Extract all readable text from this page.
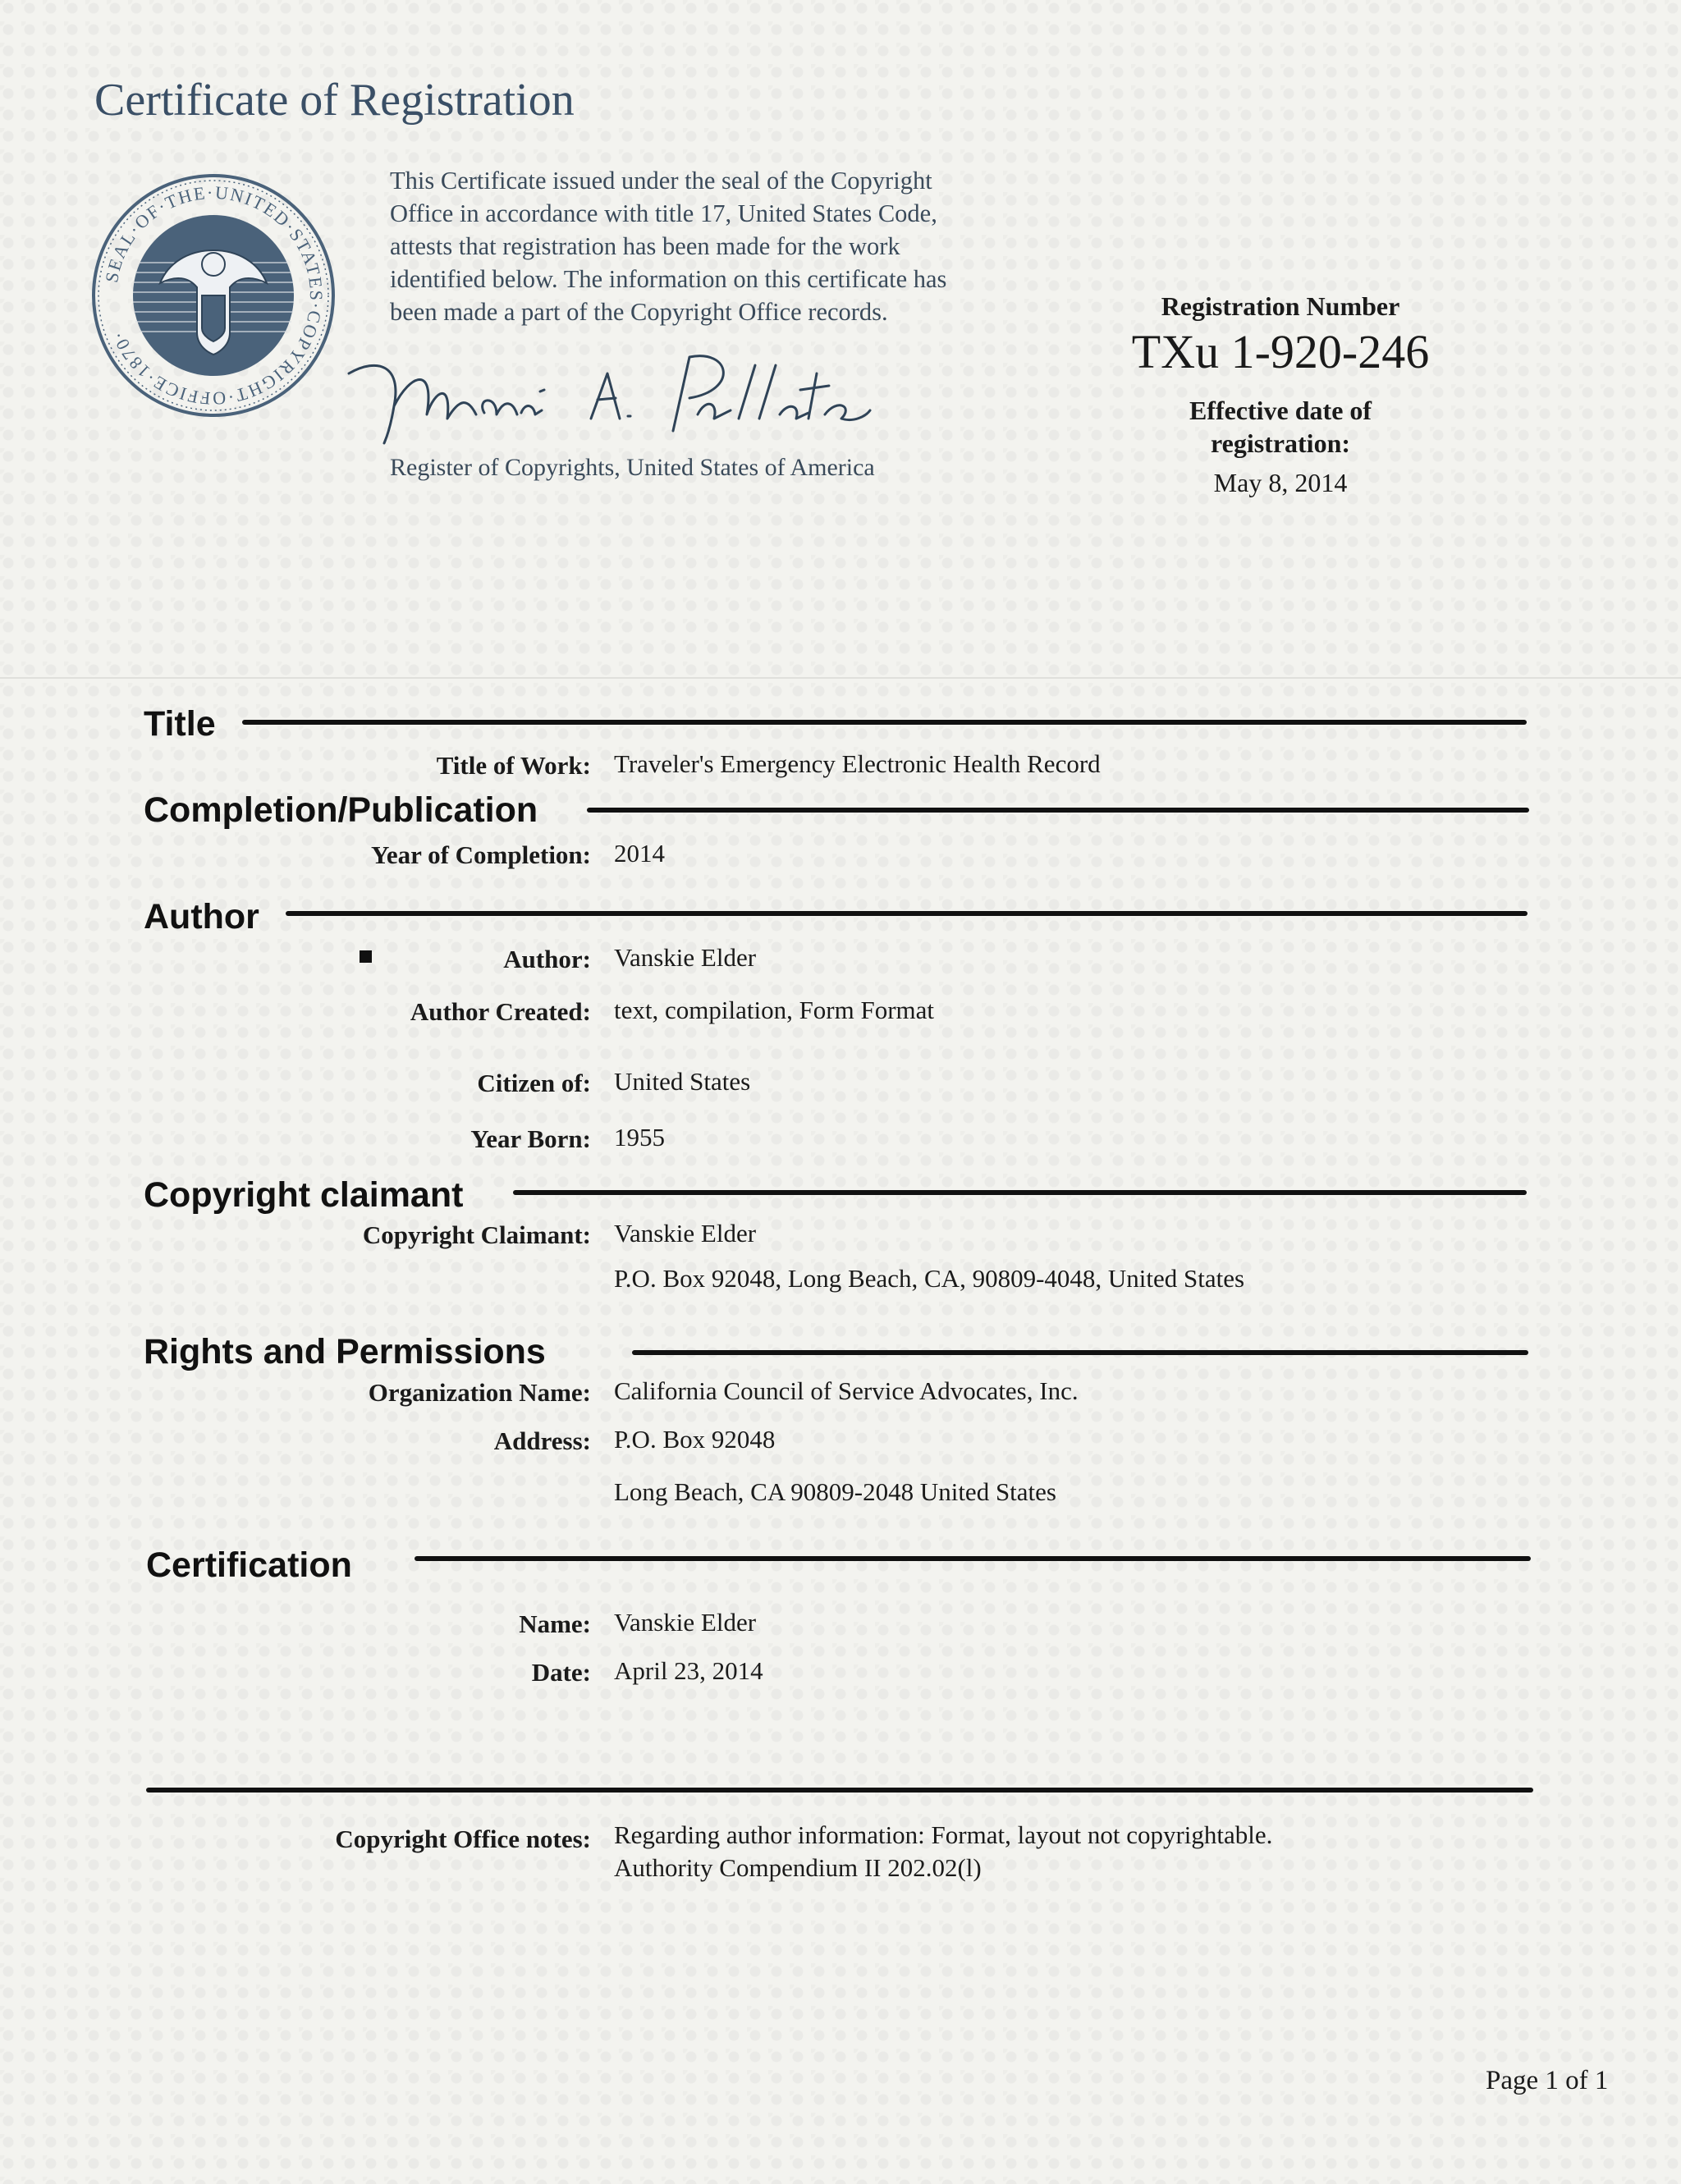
Certificate of Registration
SEAL·OF·THE·UNITED·STATES·COPYRIGHT·OFFICE·1870·

This Certificate issued under the seal of the Copyright

Office in accordance with title 17, United States Code,

attests that registration has been made for the work

identified below. The information on this certificate has

been made a part of the Copyright Office records.

Register of Copyrights, United States of America
Registration Number
TXu 1-920-246
Effective date of
registration:
May 8, 2014
Title
Title of Work: Traveler's Emergency Electronic Health Record
Completion/Publication
Year of Completion: 2014
Author
Author: Vanskie Elder
Author Created: text, compilation, Form Format
Citizen of: United States
Year Born: 1955
Copyright claimant
Copyright Claimant: Vanskie Elder
P.O. Box 92048, Long Beach, CA, 90809-4048, United States
Rights and Permissions
Organization Name: California Council of Service Advocates, Inc.
Address: P.O. Box 92048
Long Beach, CA 90809-2048 United States
Certification
Name: Vanskie Elder
Date: April 23, 2014
Copyright Office notes: Regarding author information: Format, layout not copyrightable.
Authority Compendium II 202.02(l)
Page 1 of 1
